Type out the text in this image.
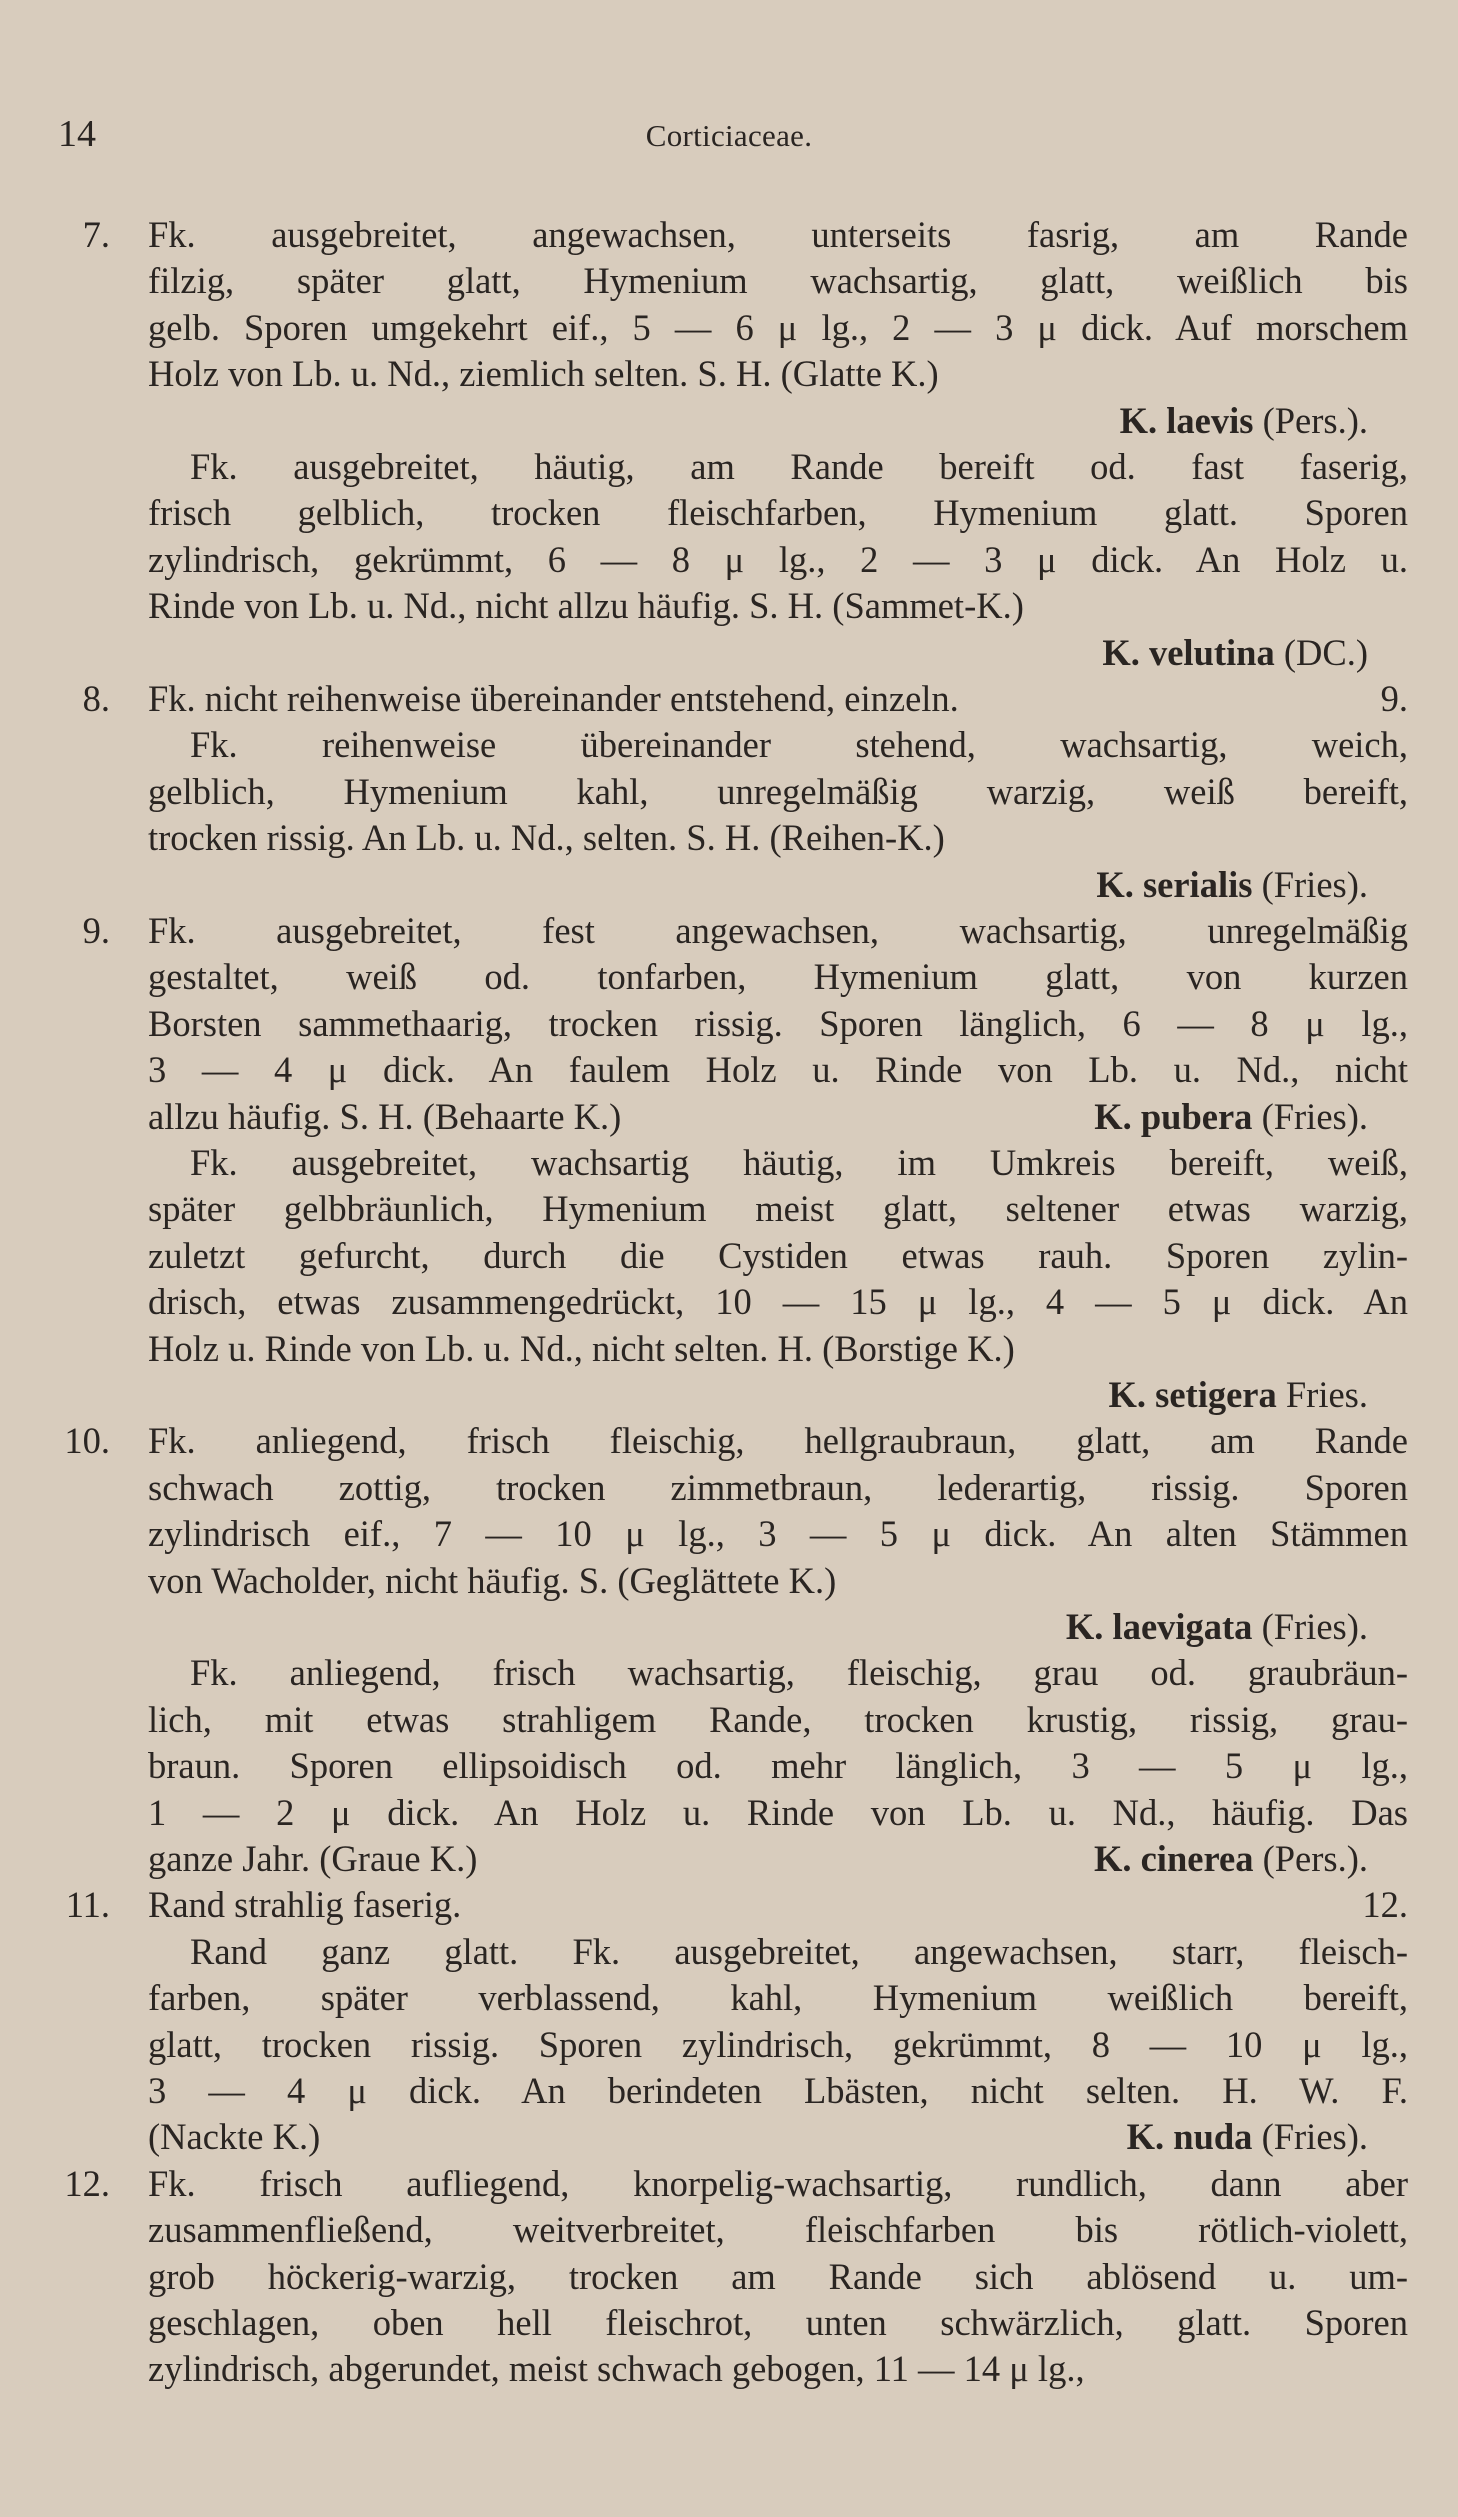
14	Corticiaceae.
7. Fk. ausgebreitet, angewachsen, unterseits fasrig, am Rande
filzig, später glatt, Hymenium wachsartig, glatt, weißlich bis
gelb. Sporen umgekehrt eif., 5 — 6 μ lg., 2 — 3 μ dick. Auf morschem
Holz von Lb. u. Nd., ziemlich selten. S. H. (Glatte K.)
K. laevis (Pers.).
Fk. ausgebreitet, häutig, am Rande bereift od. fast faserig,
frisch gelblich, trocken fleischfarben, Hymenium glatt. Sporen
zylindrisch, gekrümmt, 6 — 8 μ lg., 2 — 3 μ dick. An Holz u.
Rinde von Lb. u. Nd., nicht allzu häufig. S. H. (Sammet-K.)
K. velutina (DC.)
8. Fk. nicht reihenweise übereinander entstehend, einzeln.	9.
Fk. reihenweise übereinander stehend, wachsartig, weich,
gelblich, Hymenium kahl, unregelmäßig warzig, weiß bereift,
trocken rissig. An Lb. u. Nd., selten. S. H. (Reihen-K.)
K. serialis (Fries).
9. Fk. ausgebreitet, fest angewachsen, wachsartig, unregelmäßig
gestaltet, weiß od. tonfarben, Hymenium glatt, von kurzen
Borsten sammethaarig, trocken rissig. Sporen länglich, 6 — 8 μ lg.,
3 — 4 μ dick. An faulem Holz u. Rinde von Lb. u. Nd., nicht
allzu häufig. S. H. (Behaarte K.)	K. pubera (Fries).
Fk. ausgebreitet, wachsartig häutig, im Umkreis bereift, weiß,
später gelbbräunlich, Hymenium meist glatt, seltener etwas warzig,
zuletzt gefurcht, durch die Cystiden etwas rauh. Sporen zylin-
drisch, etwas zusammengedrückt, 10 — 15 μ lg., 4 — 5 μ dick. An
Holz u. Rinde von Lb. u. Nd., nicht selten. H. (Borstige K.)
K. setigera Fries.
10. Fk. anliegend, frisch fleischig, hellgraubraun, glatt, am Rande
schwach zottig, trocken zimmetbraun, lederartig, rissig. Sporen
zylindrisch eif., 7 — 10 μ lg., 3 — 5 μ dick. An alten Stämmen
von Wacholder, nicht häufig. S. (Geglättete K.)
K. laevigata (Fries).
Fk. anliegend, frisch wachsartig, fleischig, grau od. graubräun-
lich, mit etwas strahligem Rande, trocken krustig, rissig, grau-
braun. Sporen ellipsoidisch od. mehr länglich, 3 — 5 μ lg.,
1 — 2 μ dick. An Holz u. Rinde von Lb. u. Nd., häufig. Das
ganze Jahr. (Graue K.)	K. cinerea (Pers.).
11. Rand strahlig faserig.	12.
Rand ganz glatt. Fk. ausgebreitet, angewachsen, starr, fleisch-
farben, später verblassend, kahl, Hymenium weißlich bereift,
glatt, trocken rissig. Sporen zylindrisch, gekrümmt, 8 — 10 μ lg.,
3 — 4 μ dick. An berindeten Lbästen, nicht selten. H. W. F.
(Nackte K.)	K. nuda (Fries).
12. Fk. frisch aufliegend, knorpelig-wachsartig, rundlich, dann aber
zusammenfließend, weitverbreitet, fleischfarben bis rötlich-violett,
grob höckerig-warzig, trocken am Rande sich ablösend u. um-
geschlagen, oben hell fleischrot, unten schwärzlich, glatt. Sporen
zylindrisch, abgerundet, meist schwach gebogen, 11 — 14 μ lg.,
